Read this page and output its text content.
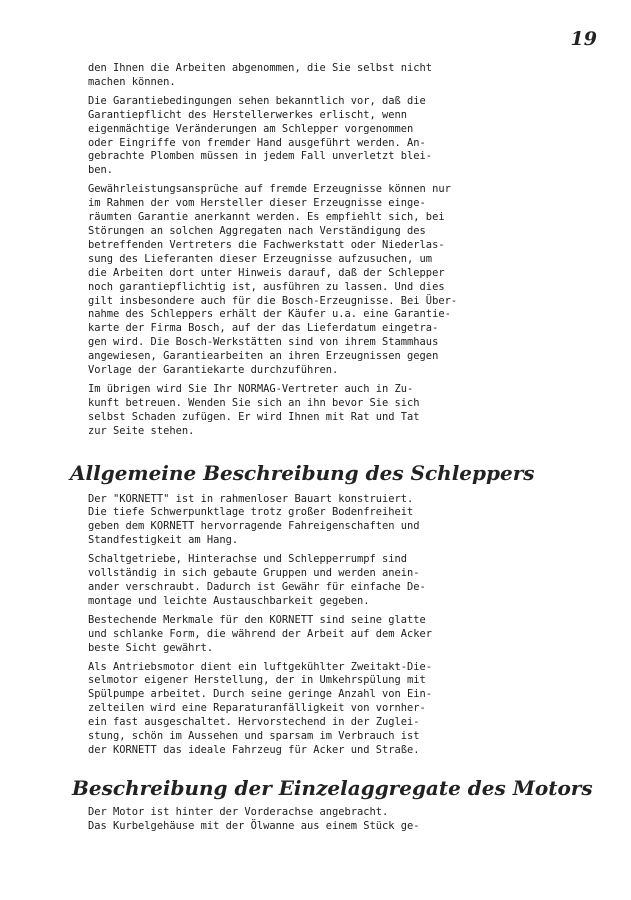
19

den Ihnen die Arbeiten abgenommen, die Sie selbst nicht
machen können.

Die Garantiebedingungen sehen bekanntlich vor, daß die
Garantiepflicht des Herstellerwerkes erlischt, wenn
eigenmächtige Veränderungen am Schlepper vorgenommen
oder Eingriffe von fremder Hand ausgeführt werden. An-
gebrachte Plomben müssen in jedem Fall unverletzt blei-
ben.

Gewährleistungsansprüche auf fremde Erzeugnisse können nur
im Rahmen der vom Hersteller dieser Erzeugnisse einge-
räumten Garantie anerkannt werden. Es empfiehlt sich, bei
Störungen an solchen Aggregaten nach Verständigung des
betreffenden Vertreters die Fachwerkstatt oder Niederlas-
sung des Lieferanten dieser Erzeugnisse aufzusuchen, um
die Arbeiten dort unter Hinweis darauf, daß der Schlepper
noch garantiepflichtig ist, ausführen zu lassen. Und dies
gilt insbesondere auch für die Bosch-Erzeugnisse. Bei Über-
nahme des Schleppers erhält der Käufer u.a. eine Garantie-
karte der Firma Bosch, auf der das Lieferdatum eingetra-
gen wird. Die Bosch-Werkstätten sind von ihrem Stammhaus
angewiesen, Garantiearbeiten an ihren Erzeugnissen gegen
Vorlage der Garantiekarte durchzuführen.

Im übrigen wird Sie Ihr NORMAG-Vertreter auch in Zu-
kunft betreuen. Wenden Sie sich an ihn bevor Sie sich
selbst Schaden zufügen. Er wird Ihnen mit Rat und Tat
zur Seite stehen.

Allgemeine Beschreibung des Schleppers

Der "KORNETT" ist in rahmenloser Bauart konstruiert.
Die tiefe Schwerpunktlage trotz großer Bodenfreiheit
geben dem KORNETT hervorragende Fahreigenschaften und
Standfestigkeit am Hang.

Schaltgetriebe, Hinterachse und Schlepperrumpf sind
vollständig in sich gebaute Gruppen und werden anein-
ander verschraubt. Dadurch ist Gewähr für einfache De-
montage und leichte Austauschbarkeit gegeben.

Bestechende Merkmale für den KORNETT sind seine glatte
und schlanke Form, die während der Arbeit auf dem Acker
beste Sicht gewährt.

Als Antriebsmotor dient ein luftgekühlter Zweitakt-Die-
selmotor eigener Herstellung, der in Umkehrspülung mit
Spülpumpe arbeitet. Durch seine geringe Anzahl von Ein-
zelteilen wird eine Reparaturanfälligkeit von vornher-
ein fast ausgeschaltet. Hervorstechend in der Zuglei-
stung, schön im Aussehen und sparsam im Verbrauch ist
der KORNETT das ideale Fahrzeug für Acker und Straße.

Beschreibung der Einzelaggregate des Motors

Der Motor ist hinter der Vorderachse angebracht.
Das Kurbelgehäuse mit der Ölwanne aus einem Stück ge-
